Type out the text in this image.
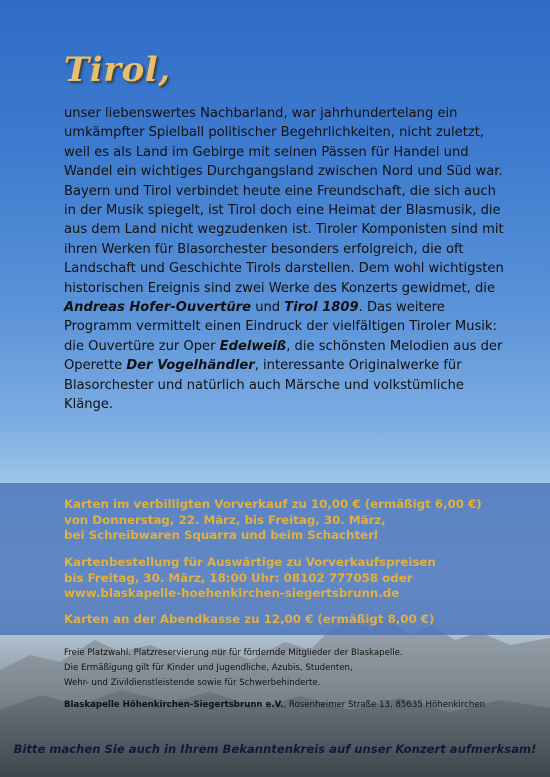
Tirol,

unser liebenswertes Nachbarland, war jahrhundertelang ein umkämpfter Spielball politischer Begehrlichkeiten, nicht zuletzt, weil es als Land im Gebirge mit seinen Pässen für Handel und Wandel ein wichtiges Durchgangsland zwischen Nord und Süd war.

Bayern und Tirol verbindet heute eine Freundschaft, die sich auch in der Musik spiegelt, ist Tirol doch eine Heimat der Blasmusik, die aus dem Land nicht wegzudenken ist. Tiroler Komponisten sind mit ihren Werken für Blasorchester besonders erfolgreich, die oft Landschaft und Geschichte Tirols darstellen. Dem wohl wichtigsten historischen Ereignis sind zwei Werke des Konzerts gewidmet, die Andreas Hofer-Ouvertüre und Tirol 1809. Das weitere Programm vermittelt einen Eindruck der vielfältigen Tiroler Musik: die Ouvertüre zur Oper Edelweiß, die schönsten Melodien aus der Operette Der Vogelhändler, interessante Originalwerke für Blasorchester und natürlich auch Märsche und volkstümliche Klänge.

Karten im verbilligten Vorverkauf zu 10,00 € (ermäßigt 6,00 €)

von Donnerstag, 22. März, bis Freitag, 30. März,

bei Schreibwaren Squarra und beim Schachterl

Kartenbestellung für Auswärtige zu Vorverkaufspreisen

bis Freitag, 30. März, 18:00 Uhr: 08102 777058 oder

www.blaskapelle-hoehenkirchen-siegertsbrunn.de

Karten an der Abendkasse zu 12,00 € (ermäßigt 8,00 €)

Freie Platzwahl. Platzreservierung nur für fördernde Mitglieder der Blaskapelle.

Die Ermäßigung gilt für Kinder und Jugendliche, Azubis, Studenten,

Wehr- und Zivildienstleistende sowie für Schwerbehinderte.

Blaskapelle Höhenkirchen-Siegertsbrunn e.V., Rosenheimer Straße 13, 85635 Höhenkirchen

Bitte machen Sie auch in Ihrem Bekanntenkreis auf unser Konzert aufmerksam!
